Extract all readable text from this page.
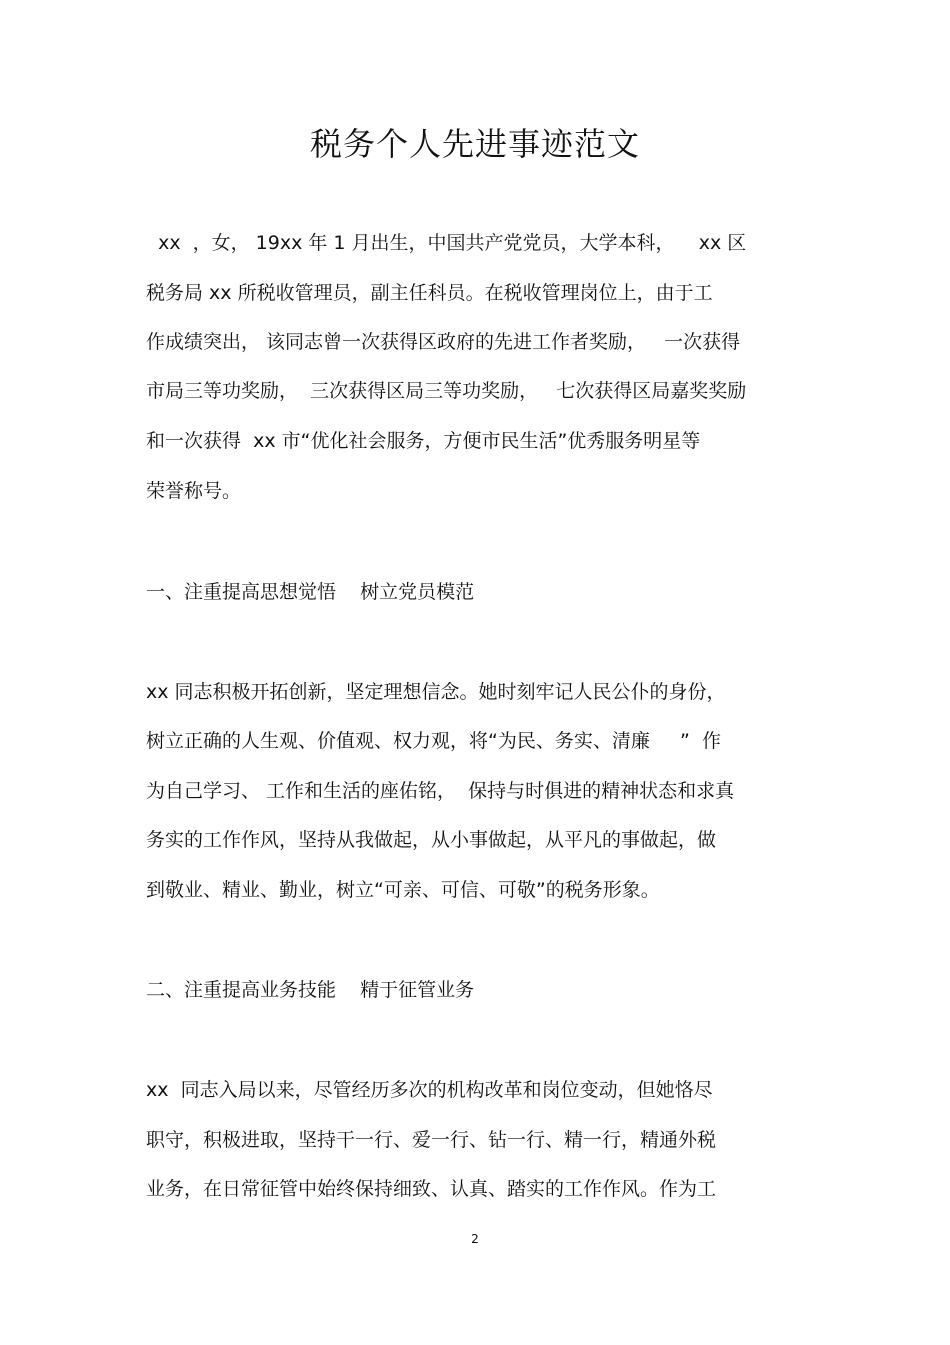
税务个人先进事迹范文
xx  ，女， 19xx 年 1 月出生，中国共产党党员，大学本科，    xx 区
税务局 xx 所税收管理员，副主任科员。在税收管理岗位上，由于工
作成绩突出， 该同志曾一次获得区政府的先进工作者奖励，   一次获得
市局三等功奖励，  三次获得区局三等功奖励，   七次获得区局嘉奖奖励
和一次获得  xx 市“优化社会服务，方便市民生活”优秀服务明星等
荣誉称号。
一、注重提高思想觉悟    树立党员模范
xx 同志积极开拓创新，坚定理想信念。她时刻牢记人民公仆的身份，
树立正确的人生观、价值观、权力观，将“为民、务实、清廉     ”  作
为自己学习、 工作和生活的座佑铭，  保持与时俱进的精神状态和求真
务实的工作作风，坚持从我做起，从小事做起，从平凡的事做起，做
到敬业、精业、勤业，树立“可亲、可信、可敬”的税务形象。
二、注重提高业务技能    精于征管业务
xx  同志入局以来，尽管经历多次的机构改革和岗位变动，但她恪尽
职守，积极进取，坚持干一行、爱一行、钻一行、精一行，精通外税
业务，在日常征管中始终保持细致、认真、踏实的工作作风。作为工
2
